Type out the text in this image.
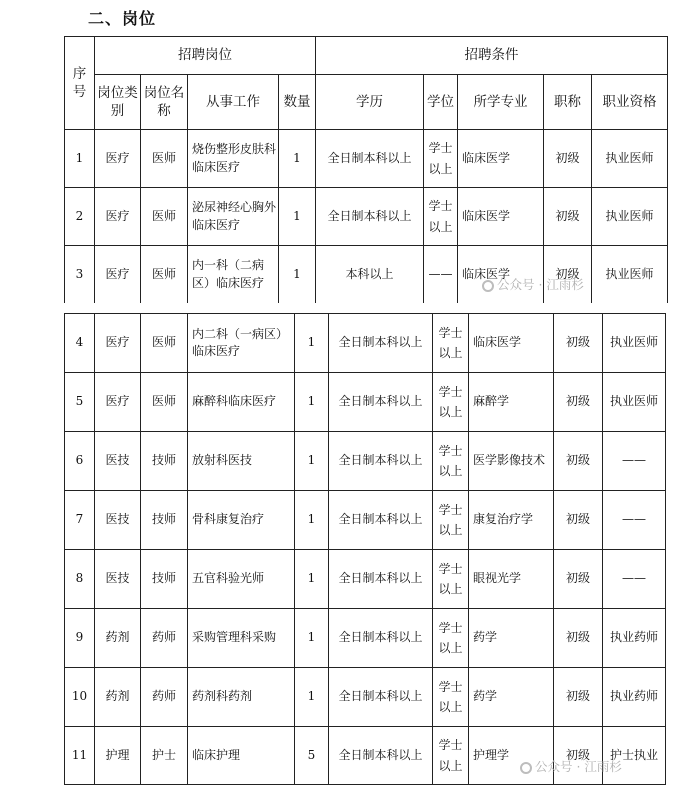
二、岗位
序号	招聘岗位				招聘条件				
	岗位类别	岗位名称	从事工作	数量	学历	学位	所学专业	职称	职业资格
1	医疗	医师	烧伤整形皮肤科 临床医疗	1	全日制本科以上	学士以上	临床医学	初级	执业医师
2	医疗	医师	泌尿神经心胸外 临床医疗	1	全日制本科以上	学士以上	临床医学	初级	执业医师
3	医疗	医师	内一科（二病区）临床医疗	1	本科以上	——	临床医学	初级	执业医师
4	医疗	医师	内二科（一病区）临床医疗	1	全日制本科以上	学士以上	临床医学	初级	执业医师
5	医疗	医师	麻醉科临床医疗	1	全日制本科以上	学士以上	麻醉学	初级	执业医师
6	医技	技师	放射科医技	1	全日制本科以上	学士以上	医学影像技术	初级	——
7	医技	技师	骨科康复治疗	1	全日制本科以上	学士以上	康复治疗学	初级	——
8	医技	技师	五官科验光师	1	全日制本科以上	学士以上	眼视光学	初级	——
9	药剂	药师	采购管理科采购	1	全日制本科以上	学士以上	药学	初级	执业药师
10	药剂	药师	药剂科药剂	1	全日制本科以上	学士以上	药学	初级	执业药师
11	护理	护士	临床护理	5	全日制本科以上	学士以上	护理学	初级	护士执业
公众号 · 江雨杉
公众号 · 江雨杉
